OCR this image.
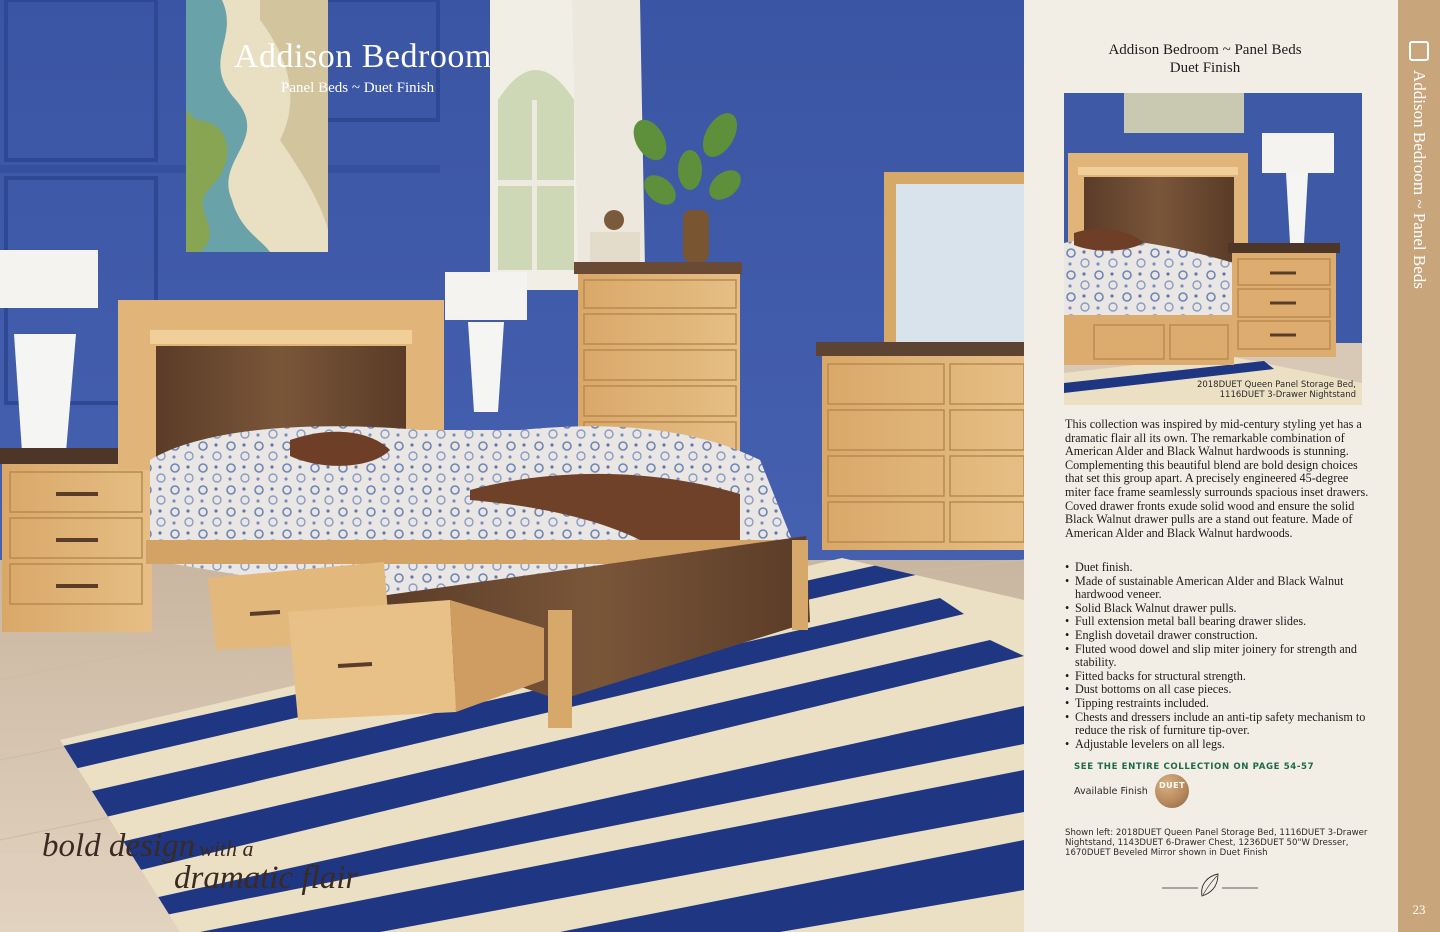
Addison Bedroom
Panel Beds ~ Duet Finish
bold design with a
dramatic flair
Addison Bedroom ~ Panel Beds
Duet Finish
2018DUET Queen Panel Storage Bed,
1116DUET 3-Drawer Nightstand
This collection was inspired by mid-century styling yet has a dramatic flair all its own. The remarkable combination of American Alder and Black Walnut hardwoods is stunning. Complementing this beautiful blend are bold design choices that set this group apart. A precisely engineered 45-degree miter face frame seamlessly surrounds spacious inset drawers. Coved drawer fronts exude solid wood and ensure the solid Black Walnut drawer pulls are a stand out feature. Made of American Alder and Black Walnut hardwoods.
• Duet finish.
• Made of sustainable American Alder and Black Walnut hardwood veneer.
• Solid Black Walnut drawer pulls.
• Full extension metal ball bearing drawer slides.
• English dovetail drawer construction.
• Fluted wood dowel and slip miter joinery for strength and stability.
• Fitted backs for structural strength.
• Dust bottoms on all case pieces.
• Tipping restraints included.
• Chests and dressers include an anti-tip safety mechanism to reduce the risk of furniture tip-over.
• Adjustable levelers on all legs.
SEE THE ENTIRE COLLECTION ON PAGE 54-57
Available Finish
DUET
Shown left: 2018DUET Queen Panel Storage Bed, 1116DUET 3-Drawer Nightstand, 1143DUET 6-Drawer Chest, 1236DUET 50"W Dresser, 1670DUET Beveled Mirror shown in Duet Finish
Addison Bedroom ~ Panel Beds
23
